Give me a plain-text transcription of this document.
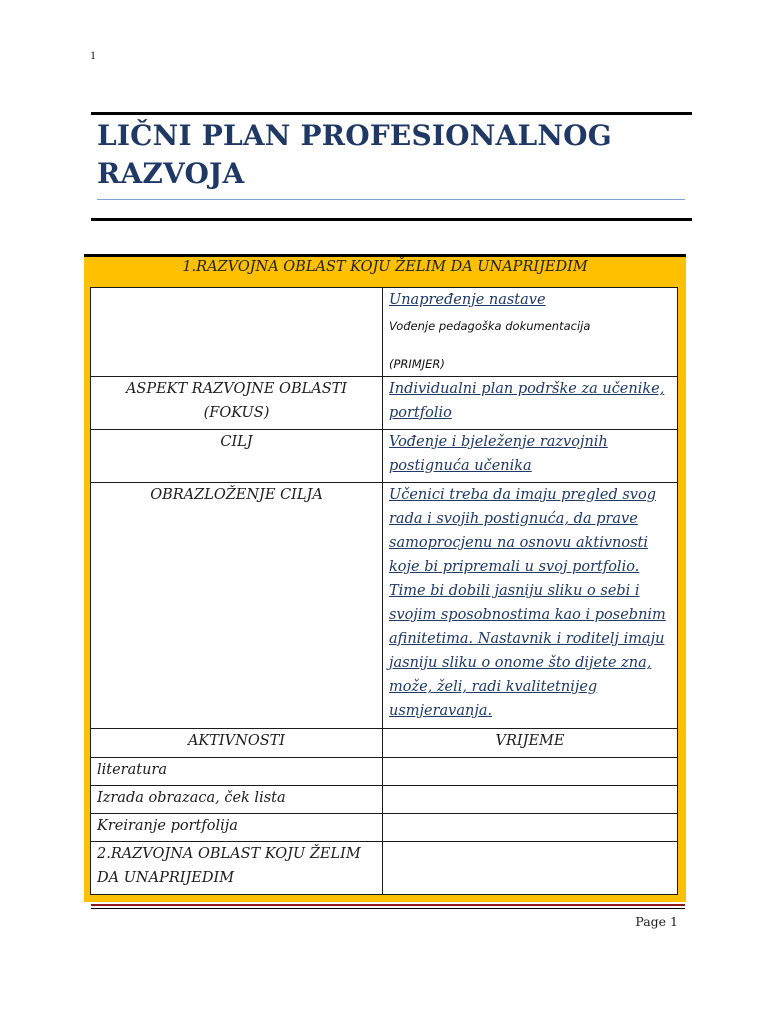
1
LIČNI PLAN PROFESIONALNOG RAZVOJA
1.RAZVOJNA OBLAST KOJU ŽELIM DA UNAPRIJEDIM

	Unapređenje nastave
Vođenje pedagoška dokumentacija
(PRIMJER)

ASPEKT RAZVOJNE OBLASTI (FOKUS)	Individualni plan podrške za učenike, portfolio
CILJ	Vođenje i bjeleženje razvojnih postignuća učenika
OBRAZLOŽENJE CILJA	Učenici treba da imaju pregled svog rada i svojih postignuća, da prave samoprocjenu na osnovu aktivnosti koje bi pripremali u svoj portfolio. Time bi dobili jasniju sliku o sebi i svojim sposobnostima kao i posebnim afinitetima. Nastavnik i roditelj imaju jasniju sliku o onome što dijete zna, može, želi, radi kvalitetnijeg usmjeravanja.
AKTIVNOSTI	VRIJEME
literatura	
Izrada obrazaca, ček lista	
Kreiranje portfolija	
2.RAZVOJNA OBLAST KOJU ŽELIM DA UNAPRIJEDIM	
Page 1
